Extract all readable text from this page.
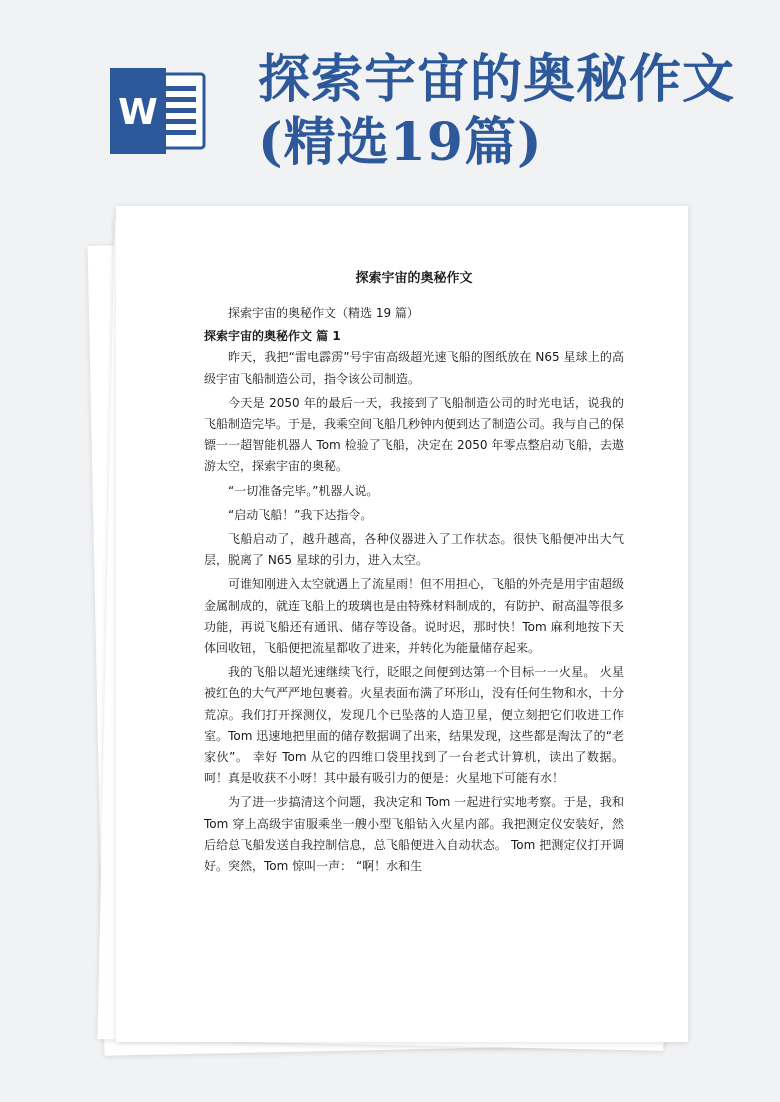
W
探索宇宙的奥秘作文(精选19篇)

探索宇宙的奥秘作文

探索宇宙的奥秘作文（精选 19 篇）

探索宇宙的奥秘作文 篇 1

昨天，我把“雷电霹雳”号宇宙高级超光速飞船的图纸放在 N65 星球上的高级宇宙飞船制造公司，指令该公司制造。

今天是 2050 年的最后一天，我接到了飞船制造公司的时光电话，说我的飞船制造完毕。于是，我乘空间飞船几秒钟内便到达了制造公司。我与自己的保镖一一超智能机器人 Tom 检验了飞船，决定在 2050 年零点整启动飞船，去遨游太空，探索宇宙的奥秘。

“一切准备完毕。”机器人说。

“启动飞船！”我下达指令。

飞船启动了，越升越高，各种仪器进入了工作状态。很快飞船便冲出大气层，脱离了 N65 星球的引力，进入太空。

可谁知刚进入太空就遇上了流星雨！但不用担心，飞船的外壳是用宇宙超级金属制成的，就连飞船上的玻璃也是由特殊材料制成的，有防护、耐高温等很多功能，再说飞船还有通讯、储存等设备。说时迟，那时快！Tom 麻利地按下天体回收钮，飞船便把流星都收了进来，并转化为能量储存起来。

我的飞船以超光速继续飞行，眨眼之间便到达第一个目标一一火星。 火星被红色的大气严严地包裹着。火星表面布满了环形山，没有任何生物和水，十分荒凉。我们打开探测仪，发现几个已坠落的人造卫星，便立刻把它们收进工作室。Tom 迅速地把里面的储存数据调了出来，结果发现，这些都是淘汰了的“老家伙”。 幸好 Tom 从它的四维口袋里找到了一台老式计算机，读出了数据。 呵！真是收获不小呀！其中最有吸引力的便是：火星地下可能有水！

为了进一步搞清这个问题，我决定和 Tom 一起进行实地考察。于是，我和 Tom 穿上高级宇宙服乘坐一艘小型飞船钻入火星内部。我把测定仪安装好，然后给总飞船发送自我控制信息，总飞船便进入自动状态。 Tom 把测定仪打开调好。突然，Tom 惊叫一声： “啊！水和生
